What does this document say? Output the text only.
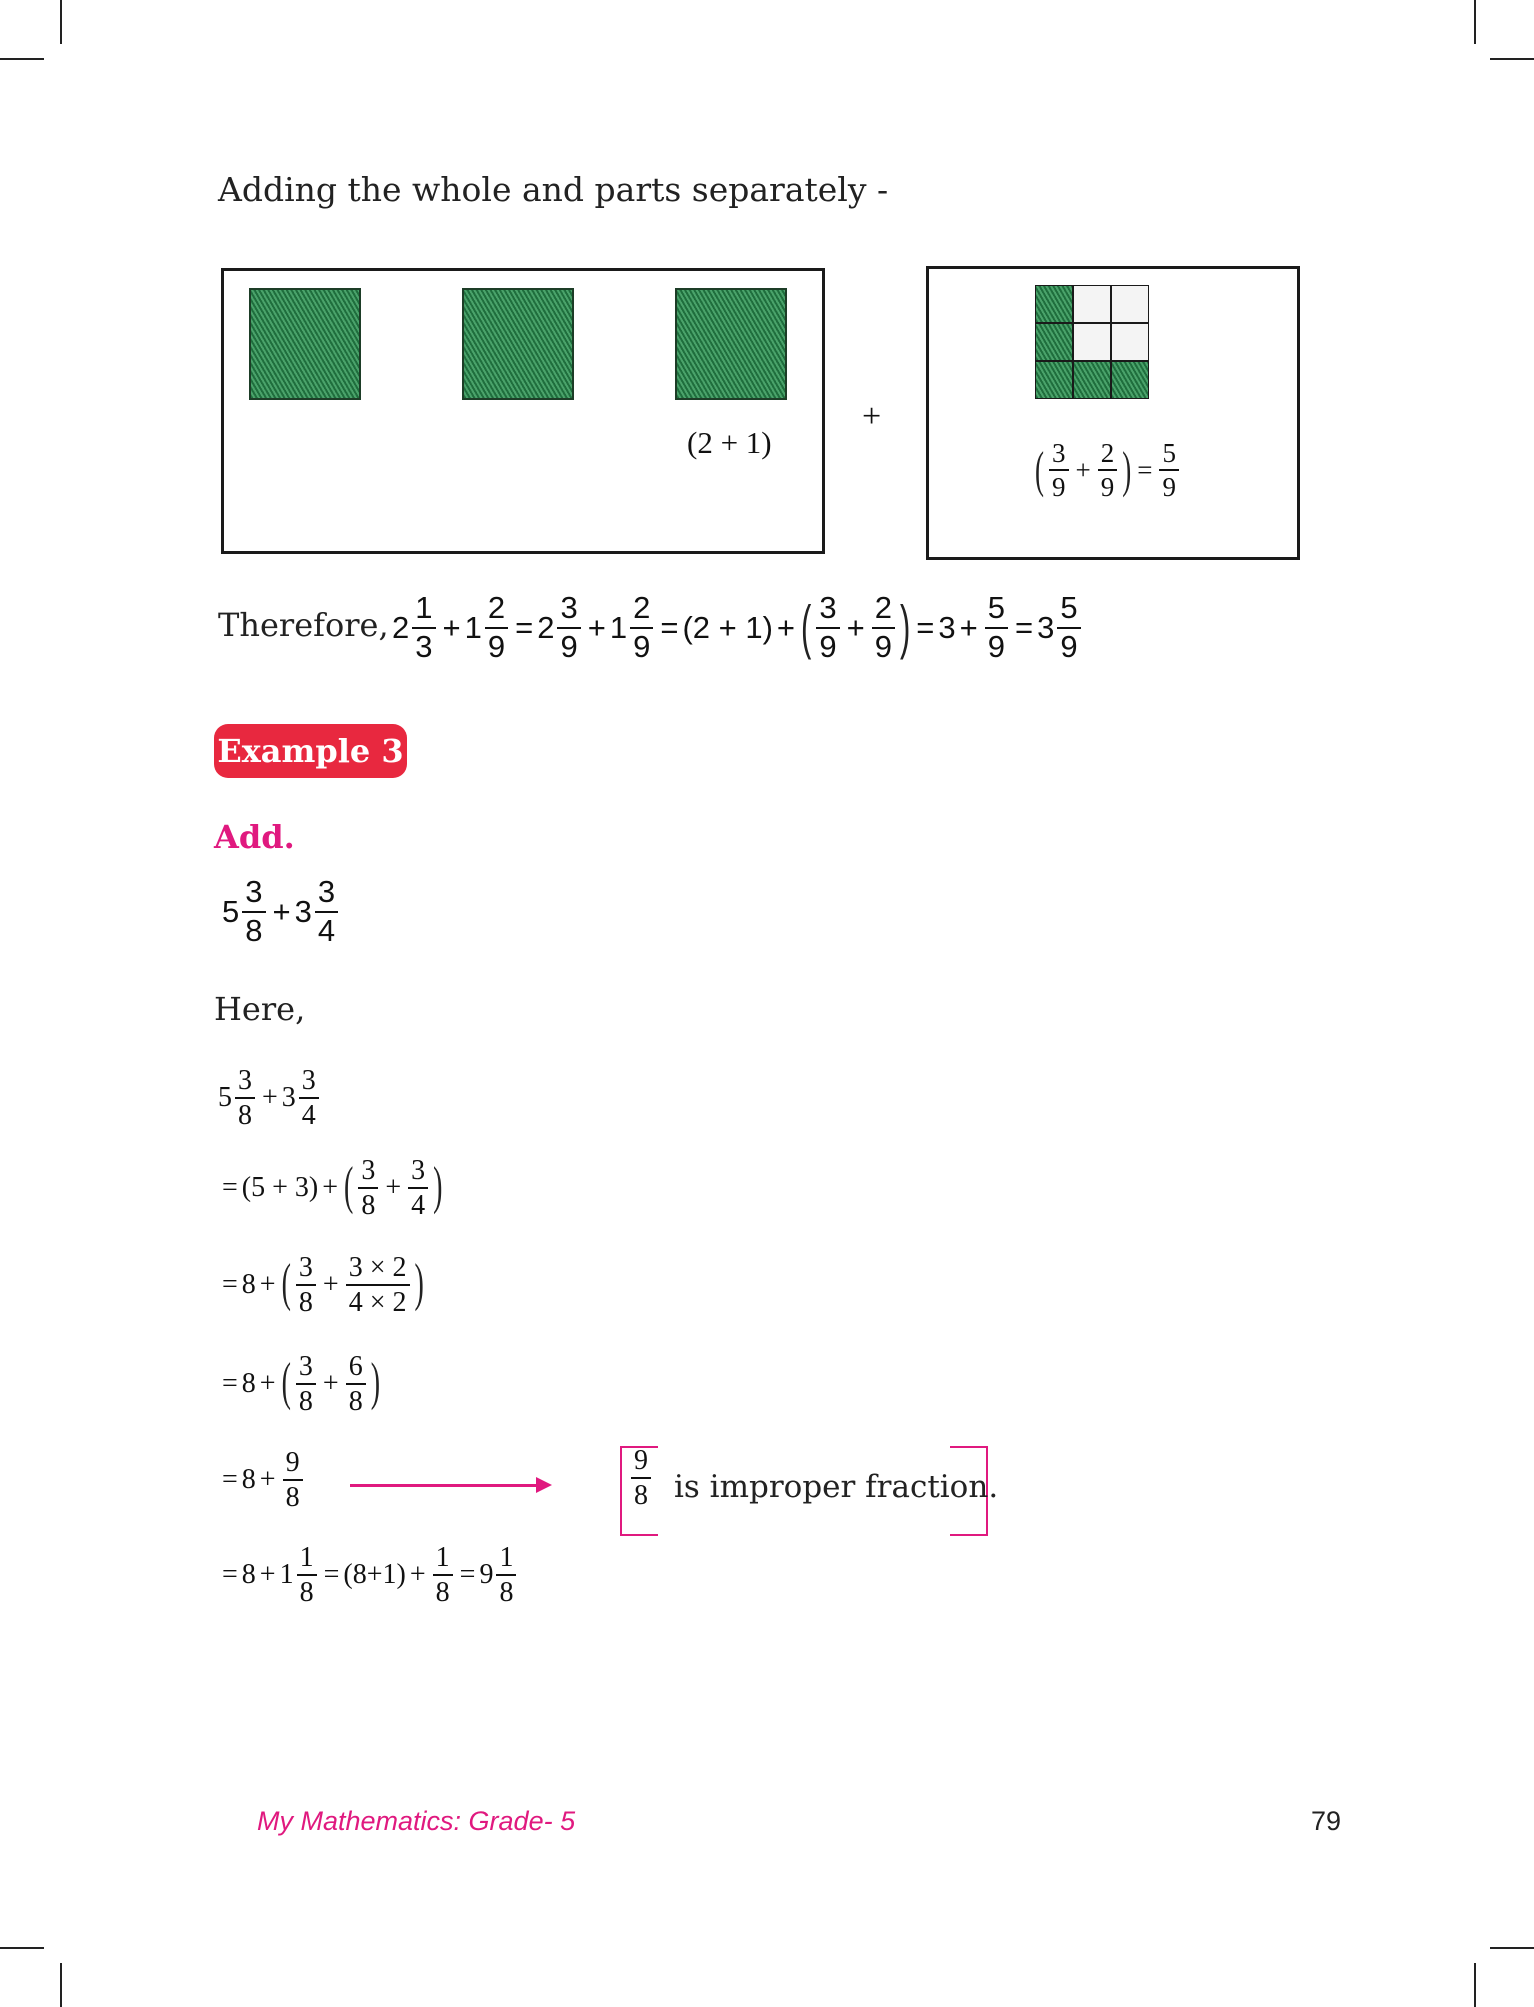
Adding the whole and parts separately -
(2 + 1)
+
( $\frac{3}{9} + \frac{2}{9}$ ) = $\frac{5}{9}$
Therefore, $2 \frac{1}{3} + 1 \frac{2}{9} = 2 \frac{3}{9} + 1 \frac{2}{9} = (2 + 1)$ + ( $\frac{3}{9} + \frac{2}{9}$ ) = $3 + \frac{5}{9} = 3 \frac{5}{9}$
Example 3
Add.
$5 \frac{3}{8} + 3 \frac{3}{4}$
Here,
$5 \frac{3}{8} + 3 \frac{3}{4}$
= (5 + 3) + ( $\frac{3}{8} + \frac{3}{4}$ )
= 8 + ( $\frac{3}{8} + \frac{3 \times 2}{4 \times 2}$ )
= 8 + ( $\frac{3}{8} + \frac{6}{8}$ )
= $8 + \frac{9}{8}$	$\frac{9}{8}$ is improper fraction.
= $8 + 1 \frac{1}{8} = (8+1) + \frac{1}{8} = 9 \frac{1}{8}$
My Mathematics: Grade- 5	79
